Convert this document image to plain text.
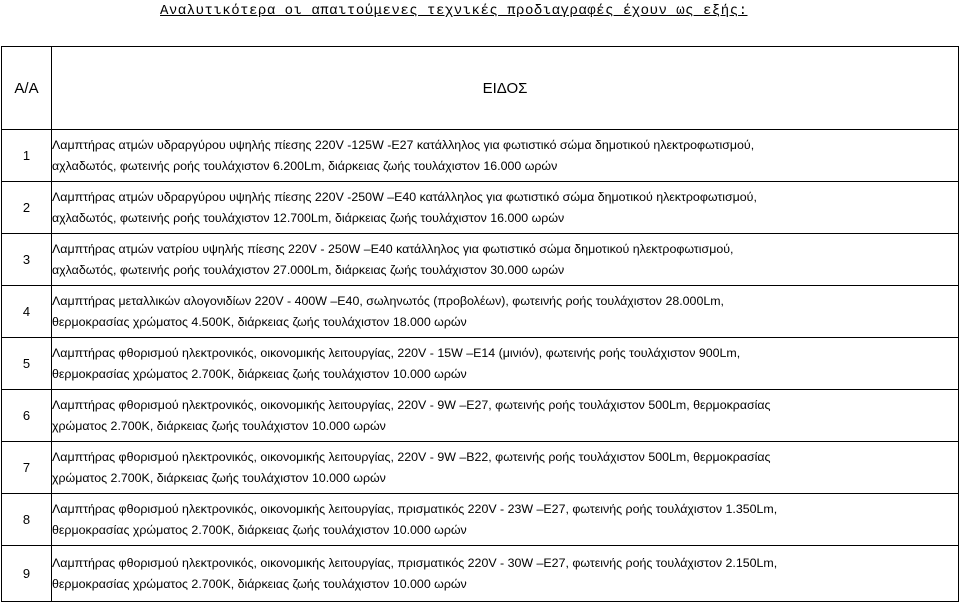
Αναλυτικότερα οι απαιτούμενες τεχνικές προδιαγραφές έχουν ως εξής:
Α/Α	ΕΙΔΟΣ
1	Λαμπτήρας ατμών υδραργύρου υψηλής πίεσης 220V -125W -E27 κατάλληλος για φωτιστικό σώμα δημοτικού ηλεκτροφωτισμού,
αχλαδωτός, φωτεινής ροής τουλάχιστον 6.200Lm, διάρκειας ζωής τουλάχιστον 16.000 ωρών
2	Λαμπτήρας ατμών υδραργύρου υψηλής πίεσης 220V -250W –E40 κατάλληλος για φωτιστικό σώμα δημοτικού ηλεκτροφωτισμού,
αχλαδωτός, φωτεινής ροής τουλάχιστον 12.700Lm, διάρκειας ζωής τουλάχιστον 16.000 ωρών
3	Λαμπτήρας ατμών νατρίου υψηλής πίεσης 220V - 250W –E40 κατάλληλος για φωτιστικό σώμα δημοτικού ηλεκτροφωτισμού,
αχλαδωτός, φωτεινής ροής τουλάχιστον 27.000Lm, διάρκειας ζωής τουλάχιστον 30.000 ωρών
4	Λαμπτήρας μεταλλικών αλογονιδίων 220V - 400W –E40, σωληνωτός (προβολέων), φωτεινής ροής τουλάχιστον 28.000Lm,
θερμοκρασίας χρώματος 4.500K, διάρκειας ζωής τουλάχιστον 18.000 ωρών
5	Λαμπτήρας φθορισμού ηλεκτρονικός, οικονομικής λειτουργίας, 220V - 15W –E14 (μινιόν), φωτεινής ροής τουλάχιστον 900Lm,
θερμοκρασίας χρώματος 2.700K, διάρκειας ζωής τουλάχιστον 10.000 ωρών
6	Λαμπτήρας φθορισμού ηλεκτρονικός, οικονομικής λειτουργίας, 220V - 9W –E27, φωτεινής ροής τουλάχιστον 500Lm, θερμοκρασίας
χρώματος 2.700K, διάρκειας ζωής τουλάχιστον 10.000 ωρών
7	Λαμπτήρας φθορισμού ηλεκτρονικός, οικονομικής λειτουργίας, 220V - 9W –B22, φωτεινής ροής τουλάχιστον 500Lm, θερμοκρασίας
χρώματος 2.700K, διάρκειας ζωής τουλάχιστον 10.000 ωρών
8	Λαμπτήρας φθορισμού ηλεκτρονικός, οικονομικής λειτουργίας, πρισματικός 220V - 23W –E27, φωτεινής ροής τουλάχιστον 1.350Lm,
θερμοκρασίας χρώματος 2.700K, διάρκειας ζωής τουλάχιστον 10.000 ωρών
9	Λαμπτήρας φθορισμού ηλεκτρονικός, οικονομικής λειτουργίας, πρισματικός 220V - 30W –E27, φωτεινής ροής τουλάχιστον 2.150Lm,
θερμοκρασίας χρώματος 2.700K, διάρκειας ζωής τουλάχιστον 10.000 ωρών
